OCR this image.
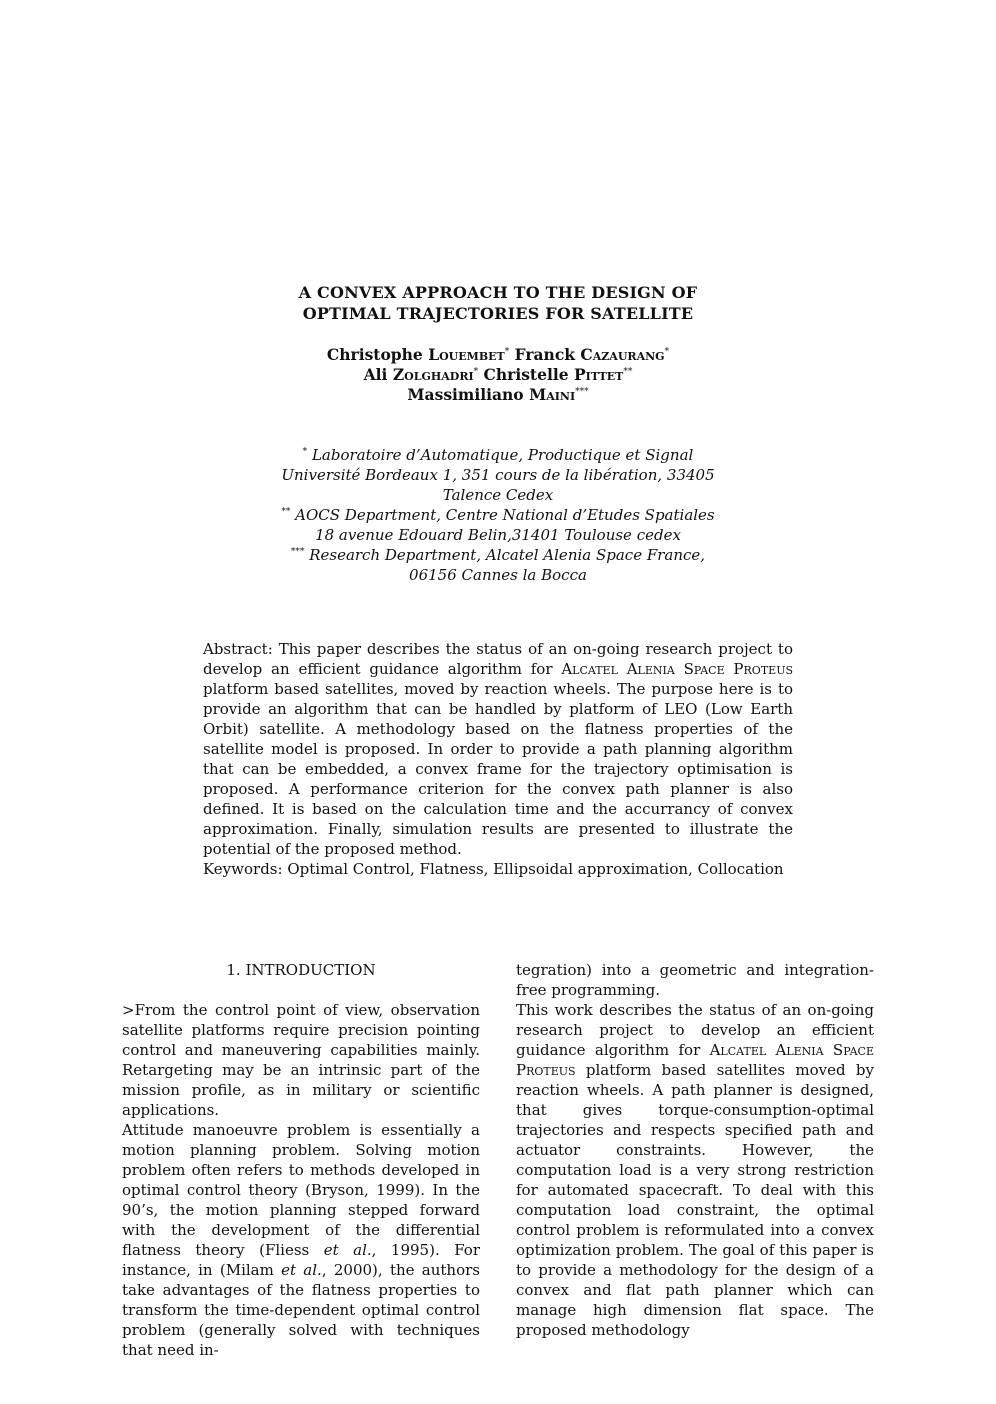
A CONVEX APPROACH TO THE DESIGN OF
OPTIMAL TRAJECTORIES FOR SATELLITE
Christophe Louembet* Franck Cazaurang*
Ali Zolghadri* Christelle Pittet**
Massimiliano Maini***
* Laboratoire d’Automatique, Productique et Signal
Université Bordeaux 1, 351 cours de la libération, 33405
Talence Cedex
** AOCS Department, Centre National d’Etudes Spatiales
18 avenue Edouard Belin,31401 Toulouse cedex
*** Research Department, Alcatel Alenia Space France,
06156 Cannes la Bocca
Abstract: This paper describes the status of an on-going research project to develop an efficient guidance algorithm for Alcatel Alenia Space Proteus platform based satellites, moved by reaction wheels. The purpose here is to provide an algorithm that can be handled by platform of LEO (Low Earth Orbit) satellite. A methodology based on the flatness properties of the satellite model is proposed. In order to provide a path planning algorithm that can be embedded, a convex frame for the trajectory optimisation is proposed. A performance criterion for the convex path planner is also defined. It is based on the calculation time and the accurrancy of convex approximation. Finally, simulation results are presented to illustrate the potential of the proposed method.
Keywords: Optimal Control, Flatness, Ellipsoidal approximation, Collocation
1. INTRODUCTION

>From the control point of view, observation satellite platforms require precision pointing control and maneuvering capabilities mainly. Retargeting may be an intrinsic part of the mission profile, as in military or scientific applications.

Attitude manoeuvre problem is essentially a motion planning problem. Solving motion problem often refers to methods developed in optimal control theory (Bryson, 1999). In the 90’s, the motion planning stepped forward with the development of the differential flatness theory (Fliess et al., 1995). For instance, in (Milam et al., 2000), the authors take advantages of the flatness properties to transform the time-dependent optimal control problem (generally solved with techniques that need in-

tegration) into a geometric and integration-free programming.

This work describes the status of an on-going research project to develop an efficient guidance algorithm for Alcatel Alenia Space Proteus platform based satellites moved by reaction wheels. A path planner is designed, that gives torque-consumption-optimal trajectories and respects specified path and actuator constraints. However, the computation load is a very strong restriction for automated spacecraft. To deal with this computation load constraint, the optimal control problem is reformulated into a convex optimization problem. The goal of this paper is to provide a methodology for the design of a convex and flat path planner which can manage high dimension flat space. The proposed methodology
